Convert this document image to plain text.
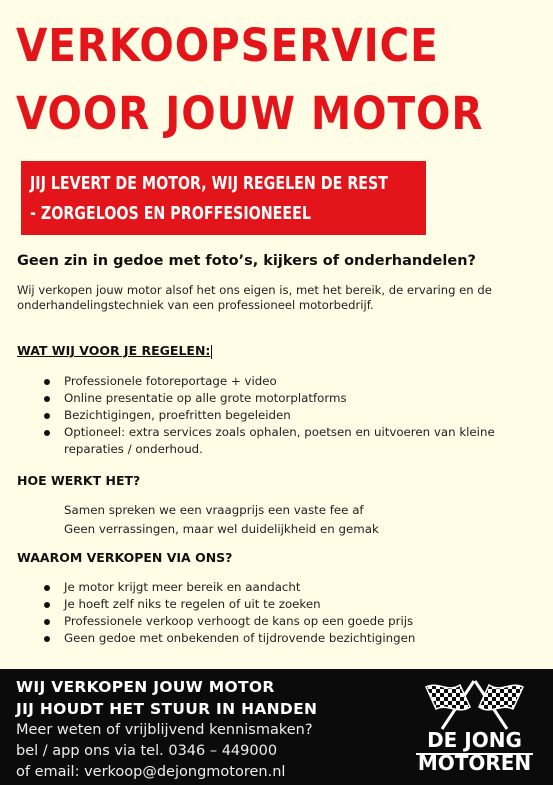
VERKOOPSERVICE
VOOR JOUW MOTOR
JIJ LEVERT DE MOTOR, WIJ REGELEN DE REST
- ZORGELOOS EN PROFFESIONEEEL
Geen zin in gedoe met foto’s, kijkers of onderhandelen?

Wij verkopen jouw motor alsof het ons eigen is, met het bereik, de ervaring en de onderhandelingstechniek van een professioneel motorbedrijf.

WAT WIJ VOOR JE REGELEN:
Professionele fotoreportage + video
Online presentatie op alle grote motorplatforms
Bezichtigingen, proefritten begeleiden
Optioneel: extra services zoals ophalen, poetsen en uitvoeren van kleine reparaties / onderhoud.
HOE WERKT HET?
Samen spreken we een vraagprijs een vaste fee af
Geen verrassingen, maar wel duidelijkheid en gemak
WAAROM VERKOPEN VIA ONS?
Je motor krijgt meer bereik en aandacht
Je hoeft zelf niks te regelen of uit te zoeken
Professionele verkoop verhoogt de kans op een goede prijs
Geen gedoe met onbekenden of tijdrovende bezichtigingen
WIJ VERKOPEN JOUW MOTOR
JIJ HOUDT HET STUUR IN HANDEN
Meer weten of vrijblijvend kennismaken?
bel / app ons via tel. 0346 – 449000
of email: verkoop@dejongmotoren.nl
DE JONG
MOTOREN
